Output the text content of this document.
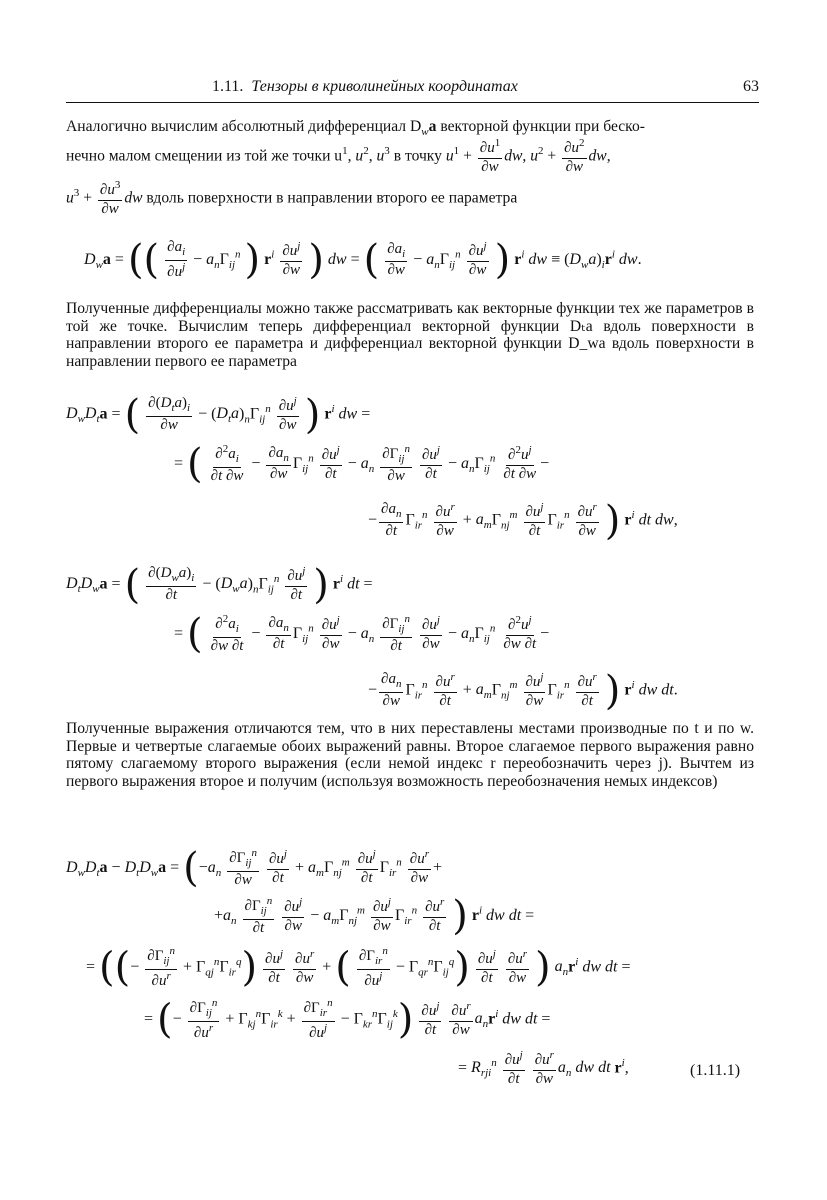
1.11. Тензоры в криволинейных координатах	63
Аналогично вычислим абсолютный дифференциал $D_wa$ векторной функции при беско-
нечно малом смещении из той же точки $u^1$, $u^2$, $u^3$ в точку $u^1 + \frac{\partial u^1}{\partial w}$ dw, $u^2 + \frac{\partial u^2}{\partial w}$ dw,
$u^3 + \frac{\partial u^3}{\partial w}$ dw вдоль поверхности в направлении второго ее параметра
$D_wa$ = (( $\frac{\partial a_i}{\partial u^j} - a_n\Gamma_{ij}^n$ ) $r^i \frac{\partial u^j}{\partial w}$ ) dw = ( $\frac{\partial a_i}{\partial w} - a_n\Gamma_{ij}^n \frac{\partial u^j}{\partial w}$ ) $r^i$ dw ≡ $(D_wa)_ir^i$ dw.
Полученные дифференциалы можно также рассматривать как векторные функции тех же параметров в той же точке. Вычислим теперь дифференциал векторной функции Dₜa вдоль поверхности в направлении второго ее параметра и дифференциал векторной функции D_wa вдоль поверхности в направлении первого ее параметра
$D_wD_ta$ = ( $\frac{\partial(D_ta)_i}{\partial w} - (D_ta)_n\Gamma_{ij}^n \frac{\partial u^j}{\partial w}$ ) $r^i$ dw =
= ( $\frac{\partial^2a_i}{\partial t \partial w} - \frac{\partial a_n}{\partial w} \Gamma_{ij}^n \frac{\partial u^j}{\partial t} - a_n \frac{\partial\Gamma_{ij}^n}{\partial w}$
$\frac{\partial u^j}{\partial t} - a_n\Gamma_{ij}^n \frac{\partial^2u^j}{\partial t \partial w}$ −
− $\frac{\partial a_n}{\partial t} \Gamma_{ir}^n \frac{\partial u^r}{\partial w} + a_m\Gamma_{nj}^m \frac{\partial u^j}{\partial t} \Gamma_{ir}^n \frac{\partial u^r}{\partial w}$ ) $r^i$ dt dw,
$D_tD_wa$ = ( $\frac{\partial(D_wa)_i}{\partial t} - (D_wa)_n\Gamma_{ij}^n \frac{\partial u^j}{\partial t}$ ) $r^i$ dt =
= ( $\frac{\partial^2a_i}{\partial w \partial t} - \frac{\partial a_n}{\partial t} \Gamma_{ij}^n \frac{\partial u^j}{\partial w} - a_n \frac{\partial\Gamma_{ij}^n}{\partial t}$
$\frac{\partial u^j}{\partial w} - a_n\Gamma_{ij}^n \frac{\partial^2u^j}{\partial w \partial t}$ −
− $\frac{\partial a_n}{\partial w} \Gamma_{ir}^n \frac{\partial u^r}{\partial t} + a_m\Gamma_{nj}^m \frac{\partial u^j}{\partial w} \Gamma_{ir}^n \frac{\partial u^r}{\partial t}$ ) $r^i$ dw dt.
Полученные выражения отличаются тем, что в них переставлены местами производные по t и по w. Первые и четвертые слагаемые обоих выражений равны. Второе слагаемое первого выражения равно пятому слагаемому второго выражения (если немой индекс r переобозначить через j). Вычтем из первого выражения второе и получим (используя возможность переобозначения немых индексов)
$D_wD_ta - D_tD_wa = (-a_n \frac{\partial\Gamma_{ij}^n}{\partial w}$
$\frac{\partial u^j}{\partial t} + a_m\Gamma_{nj}^m \frac{\partial u^j}{\partial t} \Gamma_{ir}^n \frac{\partial u^r}{\partial w}$ +
$+a_n \frac{\partial\Gamma_{ij}^n}{\partial t}$
$\frac{\partial u^j}{\partial w} - a_m\Gamma_{nj}^m \frac{\partial u^j}{\partial w} \Gamma_{ir}^n \frac{\partial u^r}{\partial t}$ ) $r^i$ dw dt =
= ((− $\frac{\partial\Gamma_{ij}^n}{\partial u^r} + \Gamma_{qj}^n\Gamma_{ir}^q) \frac{\partial u^j}{\partial t}$
$\frac{\partial u^r}{\partial w}$ + ( $\frac{\partial\Gamma_{ir}^n}{\partial u^j} - \Gamma_{qr}^n\Gamma_{ij}^q) \frac{\partial u^j}{\partial t}$
$\frac{\partial u^r}{\partial w}$ ) $a_nr^i$ dw dt =
= (− $\frac{\partial\Gamma_{ij}^n}{\partial u^r} + \Gamma_{kj}^n\Gamma_{ir}^k + \frac{\partial\Gamma_{ir}^n}{\partial u^j} - \Gamma_{kr}^n\Gamma_{ij}^k) \frac{\partial u^j}{\partial t}$
$\frac{\partial u^r}{\partial w} a_nr^i$ dw dt =
= $R_{rji}^n \frac{\partial u^j}{\partial t}$
$\frac{\partial u^r}{\partial w} a_n$ dw dt $r^i$,	(1.11.1)
